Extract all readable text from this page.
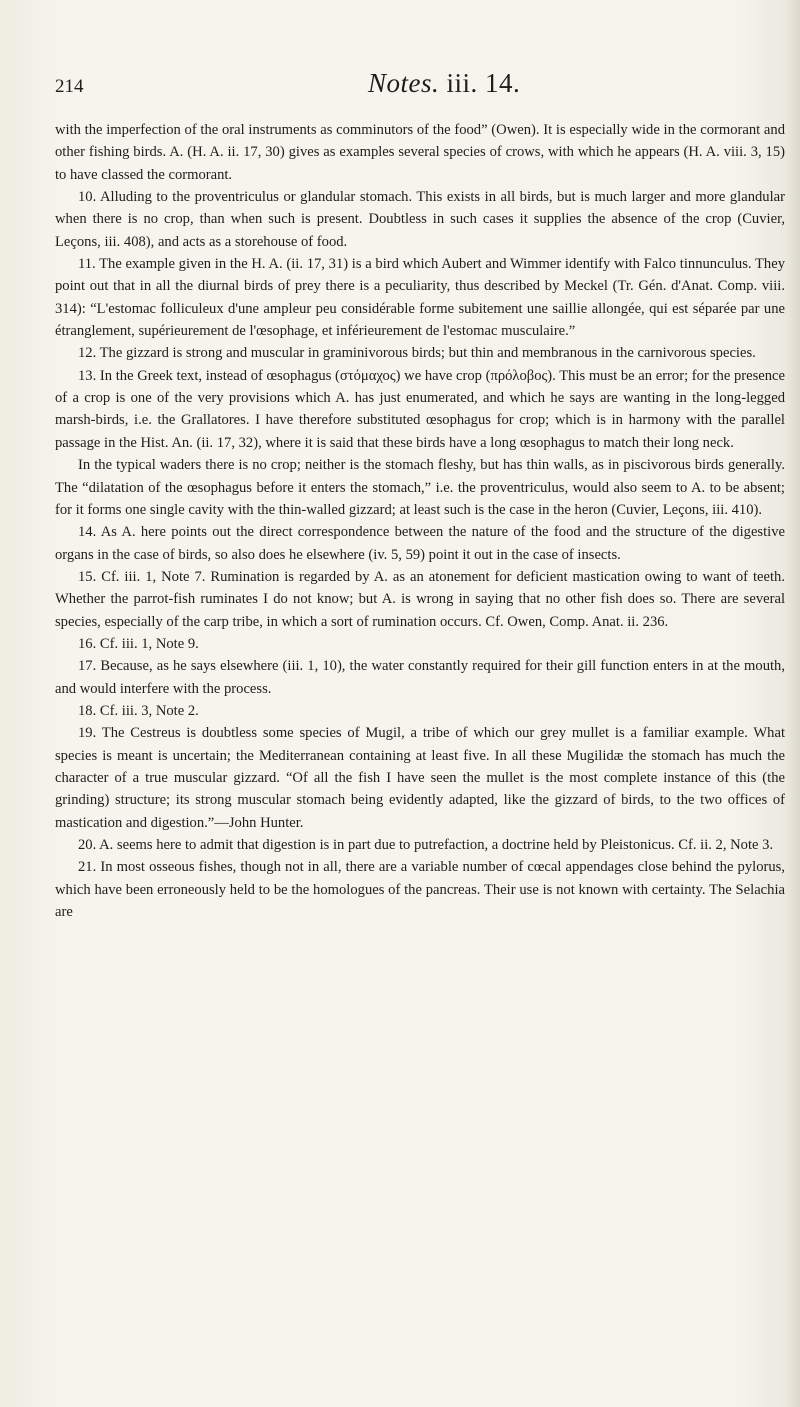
214	Notes. iii. 14.

with the imperfection of the oral instruments as comminutors of the food” (Owen). It is especially wide in the cormorant and other fishing birds. A. (H. A. ii. 17, 30) gives as examples several species of crows, with which he appears (H. A. viii. 3, 15) to have classed the cormorant.

10. Alluding to the proventriculus or glandular stomach. This exists in all birds, but is much larger and more glandular when there is no crop, than when such is present. Doubtless in such cases it supplies the absence of the crop (Cuvier, Leçons, iii. 408), and acts as a storehouse of food.

11. The example given in the H. A. (ii. 17, 31) is a bird which Aubert and Wimmer identify with Falco tinnunculus. They point out that in all the diurnal birds of prey there is a peculiarity, thus described by Meckel (Tr. Gén. d'Anat. Comp. viii. 314): “L'estomac folliculeux d'une ampleur peu considérable forme subitement une saillie allongée, qui est séparée par une étranglement, supérieurement de l'œsophage, et inférieurement de l'estomac musculaire.”

12. The gizzard is strong and muscular in graminivorous birds; but thin and membranous in the carnivorous species.

13. In the Greek text, instead of œsophagus (στόμαχος) we have crop (πρόλοβος). This must be an error; for the presence of a crop is one of the very provisions which A. has just enumerated, and which he says are wanting in the long-legged marsh-birds, i.e. the Grallatores. I have therefore substituted œsophagus for crop; which is in harmony with the parallel passage in the Hist. An. (ii. 17, 32), where it is said that these birds have a long œsophagus to match their long neck.

In the typical waders there is no crop; neither is the stomach fleshy, but has thin walls, as in piscivorous birds generally. The “dilatation of the œsophagus before it enters the stomach,” i.e. the proventriculus, would also seem to A. to be absent; for it forms one single cavity with the thin-walled gizzard; at least such is the case in the heron (Cuvier, Leçons, iii. 410).

14. As A. here points out the direct correspondence between the nature of the food and the structure of the digestive organs in the case of birds, so also does he elsewhere (iv. 5, 59) point it out in the case of insects.

15. Cf. iii. 1, Note 7. Rumination is regarded by A. as an atonement for deficient mastication owing to want of teeth. Whether the parrot-fish ruminates I do not know; but A. is wrong in saying that no other fish does so. There are several species, especially of the carp tribe, in which a sort of rumination occurs. Cf. Owen, Comp. Anat. ii. 236.

16. Cf. iii. 1, Note 9.

17. Because, as he says elsewhere (iii. 1, 10), the water constantly required for their gill function enters in at the mouth, and would interfere with the process.

18. Cf. iii. 3, Note 2.

19. The Cestreus is doubtless some species of Mugil, a tribe of which our grey mullet is a familiar example. What species is meant is uncertain; the Mediterranean containing at least five. In all these Mugilidæ the stomach has much the character of a true muscular gizzard. “Of all the fish I have seen the mullet is the most complete instance of this (the grinding) structure; its strong muscular stomach being evidently adapted, like the gizzard of birds, to the two offices of mastication and digestion.”—John Hunter.

20. A. seems here to admit that digestion is in part due to putrefaction, a doctrine held by Pleistonicus. Cf. ii. 2, Note 3.

21. In most osseous fishes, though not in all, there are a variable number of cœcal appendages close behind the pylorus, which have been erroneously held to be the homologues of the pancreas. Their use is not known with certainty. The Selachia are
